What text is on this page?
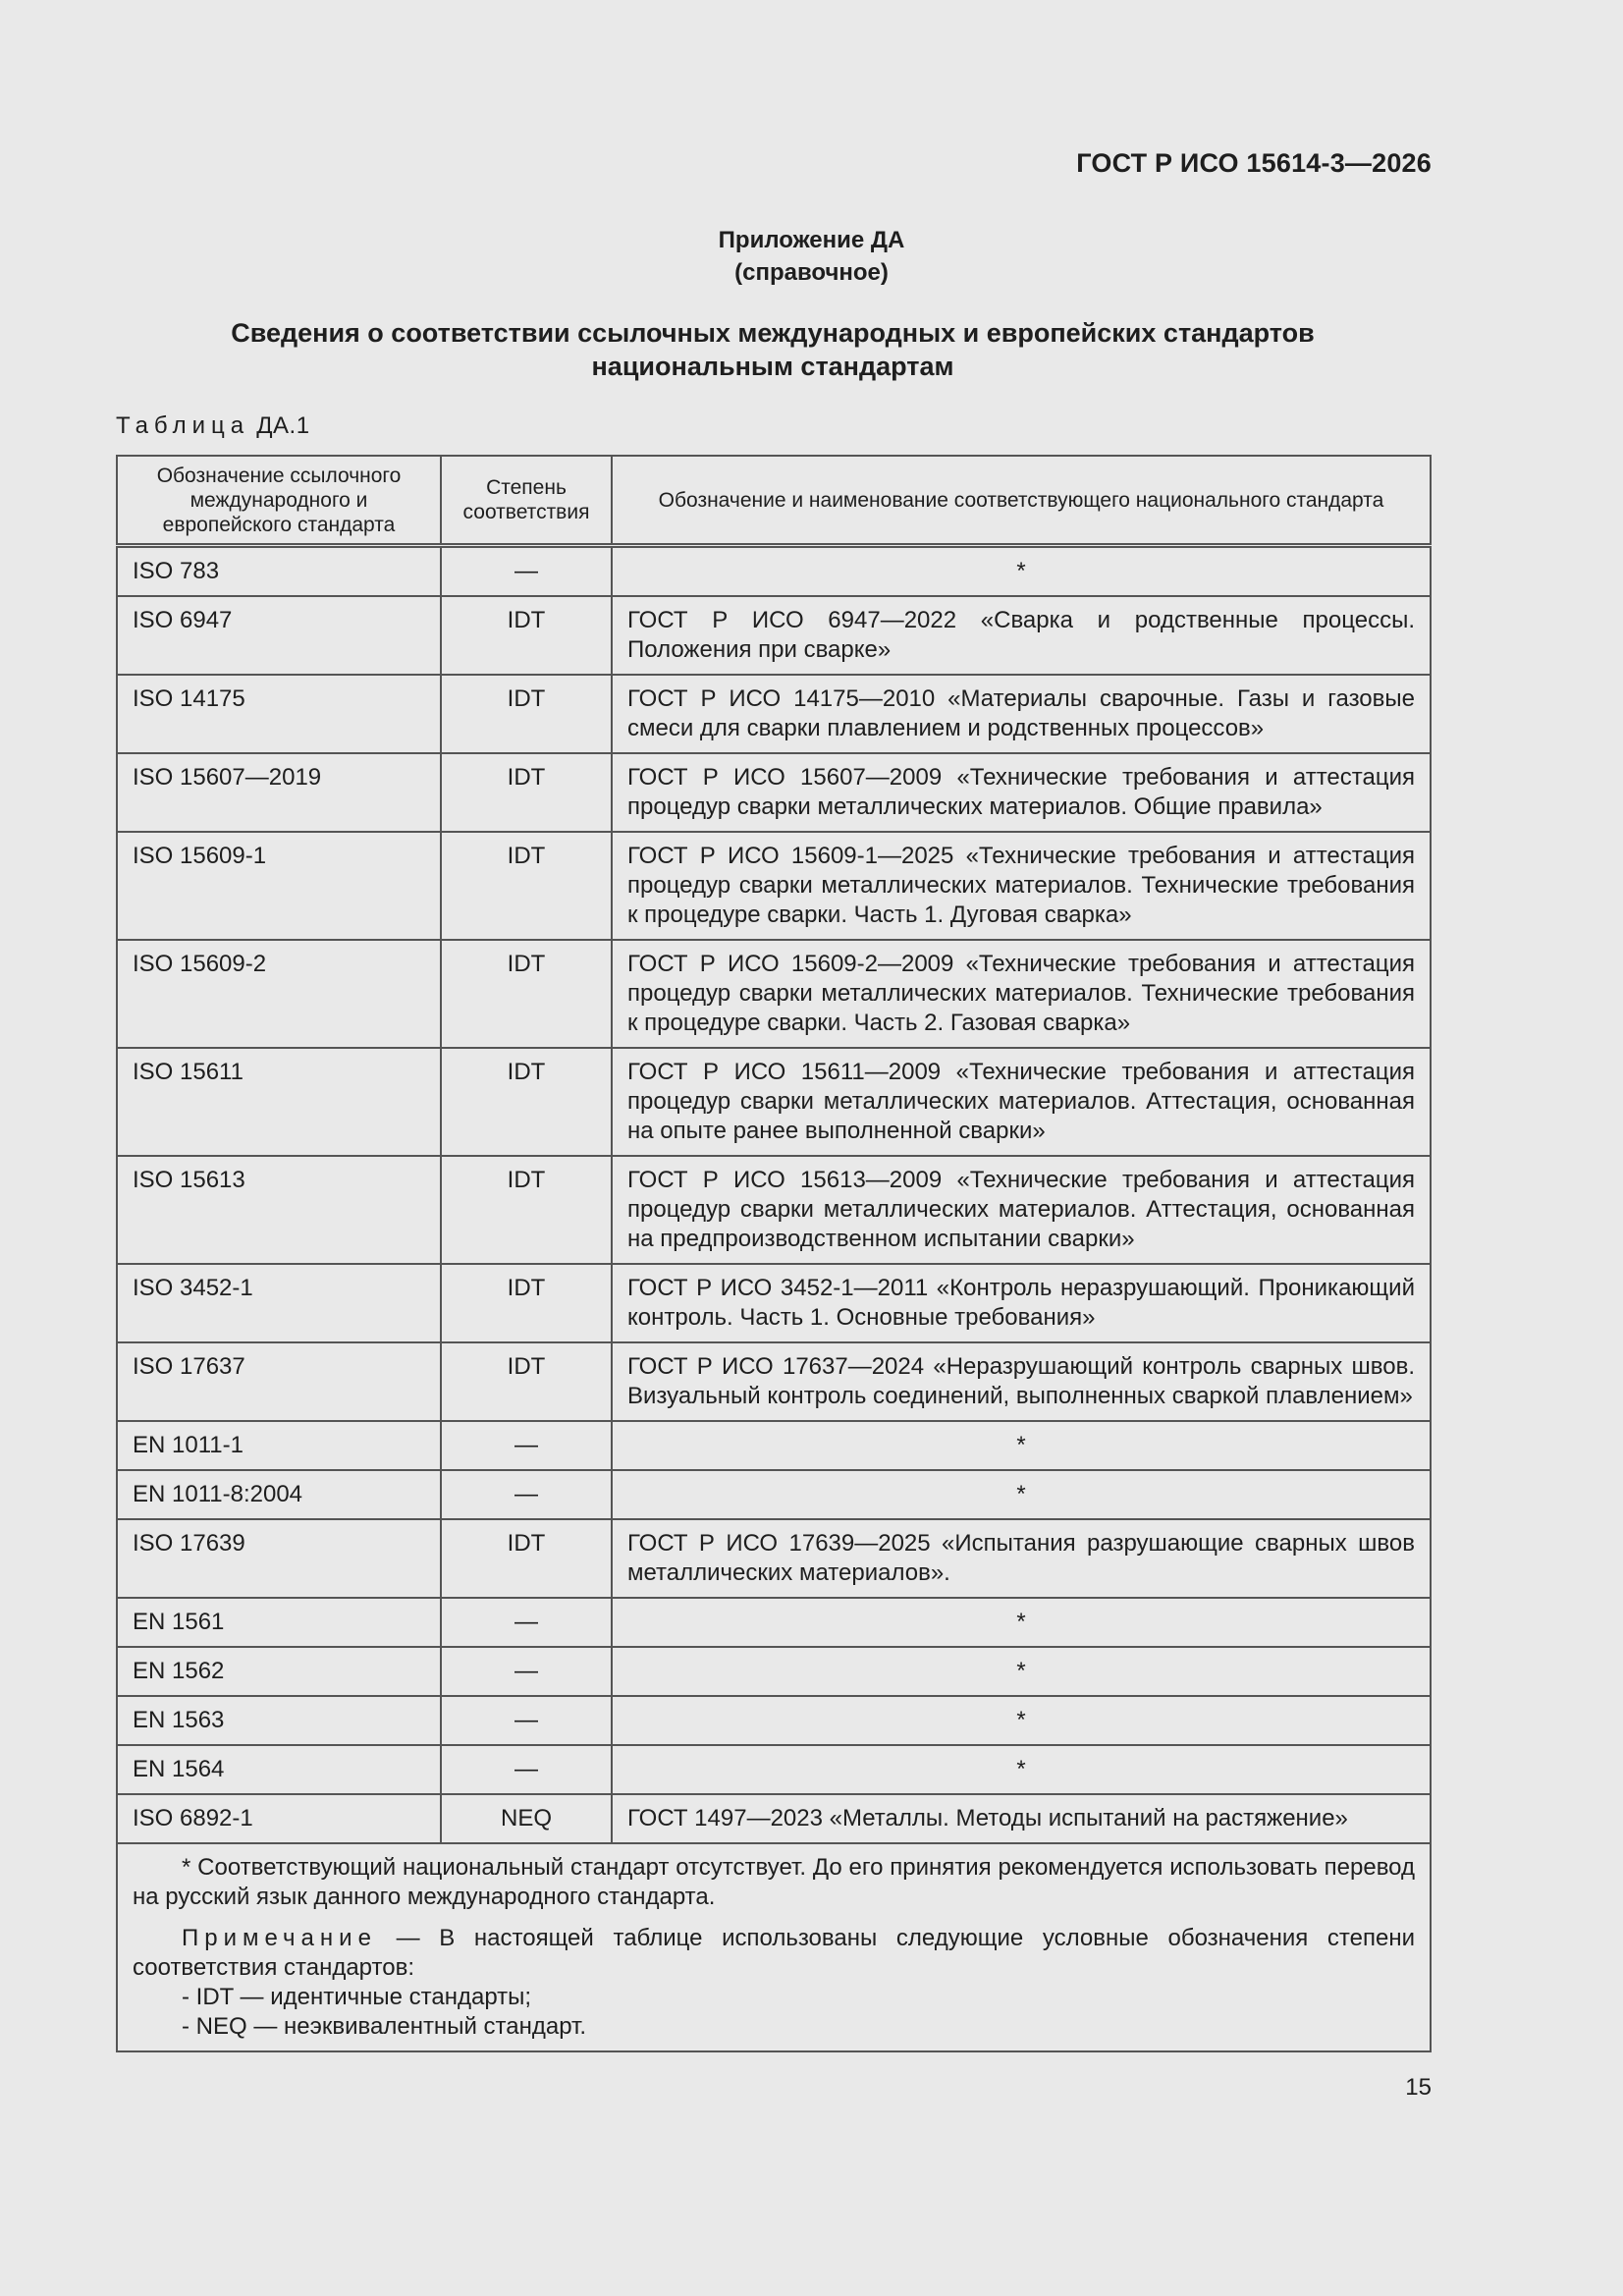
ГОСТ Р ИСО 15614-3—2026
Приложение ДА
(справочное)
Сведения о соответствии ссылочных международных и европейских стандартов
национальным стандартам
Таблица ДА.1
Обозначение ссылочного международного и европейского стандарта	Степень соответствия	Обозначение и наименование соответствующего национального стандарта
ISO 783	—	*
ISO 6947	IDT	ГОСТ Р ИСО 6947—2022 «Сварка и родственные процессы. Положения при сварке»
ISO 14175	IDT	ГОСТ Р ИСО 14175—2010 «Материалы сварочные. Газы и газовые смеси для сварки плавлением и родственных процессов»
ISO 15607—2019	IDT	ГОСТ Р ИСО 15607—2009 «Технические требования и аттестация процедур сварки металлических материалов. Общие правила»
ISO 15609-1	IDT	ГОСТ Р ИСО 15609-1—2025 «Технические требования и аттестация процедур сварки металлических материалов. Технические требования к процедуре сварки. Часть 1. Дуговая сварка»
ISO 15609-2	IDT	ГОСТ Р ИСО 15609-2—2009 «Технические требования и аттестация процедур сварки металлических материалов. Технические требования к процедуре сварки. Часть 2. Газовая сварка»
ISO 15611	IDT	ГОСТ Р ИСО 15611—2009 «Технические требования и аттестация процедур сварки металлических материалов. Аттестация, основанная на опыте ранее выполненной сварки»
ISO 15613	IDT	ГОСТ Р ИСО 15613—2009 «Технические требования и аттестация процедур сварки металлических материалов. Аттестация, основанная на предпроизводственном испытании сварки»
ISO 3452-1	IDT	ГОСТ Р ИСО 3452-1—2011 «Контроль неразрушающий. Проникающий контроль. Часть 1. Основные требования»
ISO 17637	IDT	ГОСТ Р ИСО 17637—2024 «Неразрушающий контроль сварных швов. Визуальный контроль соединений, выполненных сваркой плавлением»
EN 1011-1	—	*
EN 1011-8:2004	—	*
ISO 17639	IDT	ГОСТ Р ИСО 17639—2025 «Испытания разрушающие сварных швов металлических материалов».
EN 1561	—	*
EN 1562	—	*
EN 1563	—	*
EN 1564	—	*
ISO 6892-1	NEQ	ГОСТ 1497—2023 «Металлы. Методы испытаний на растяжение»

* Соответствующий национальный стандарт отсутствует. До его принятия рекомендуется использовать перевод на русский язык данного международного стандарта.

Примечание — В настоящей таблице использованы следующие условные обозначения степени соответствия стандартов:

- IDT — идентичные стандарты;
- NEQ — неэквивалентный стандарт.		
15
